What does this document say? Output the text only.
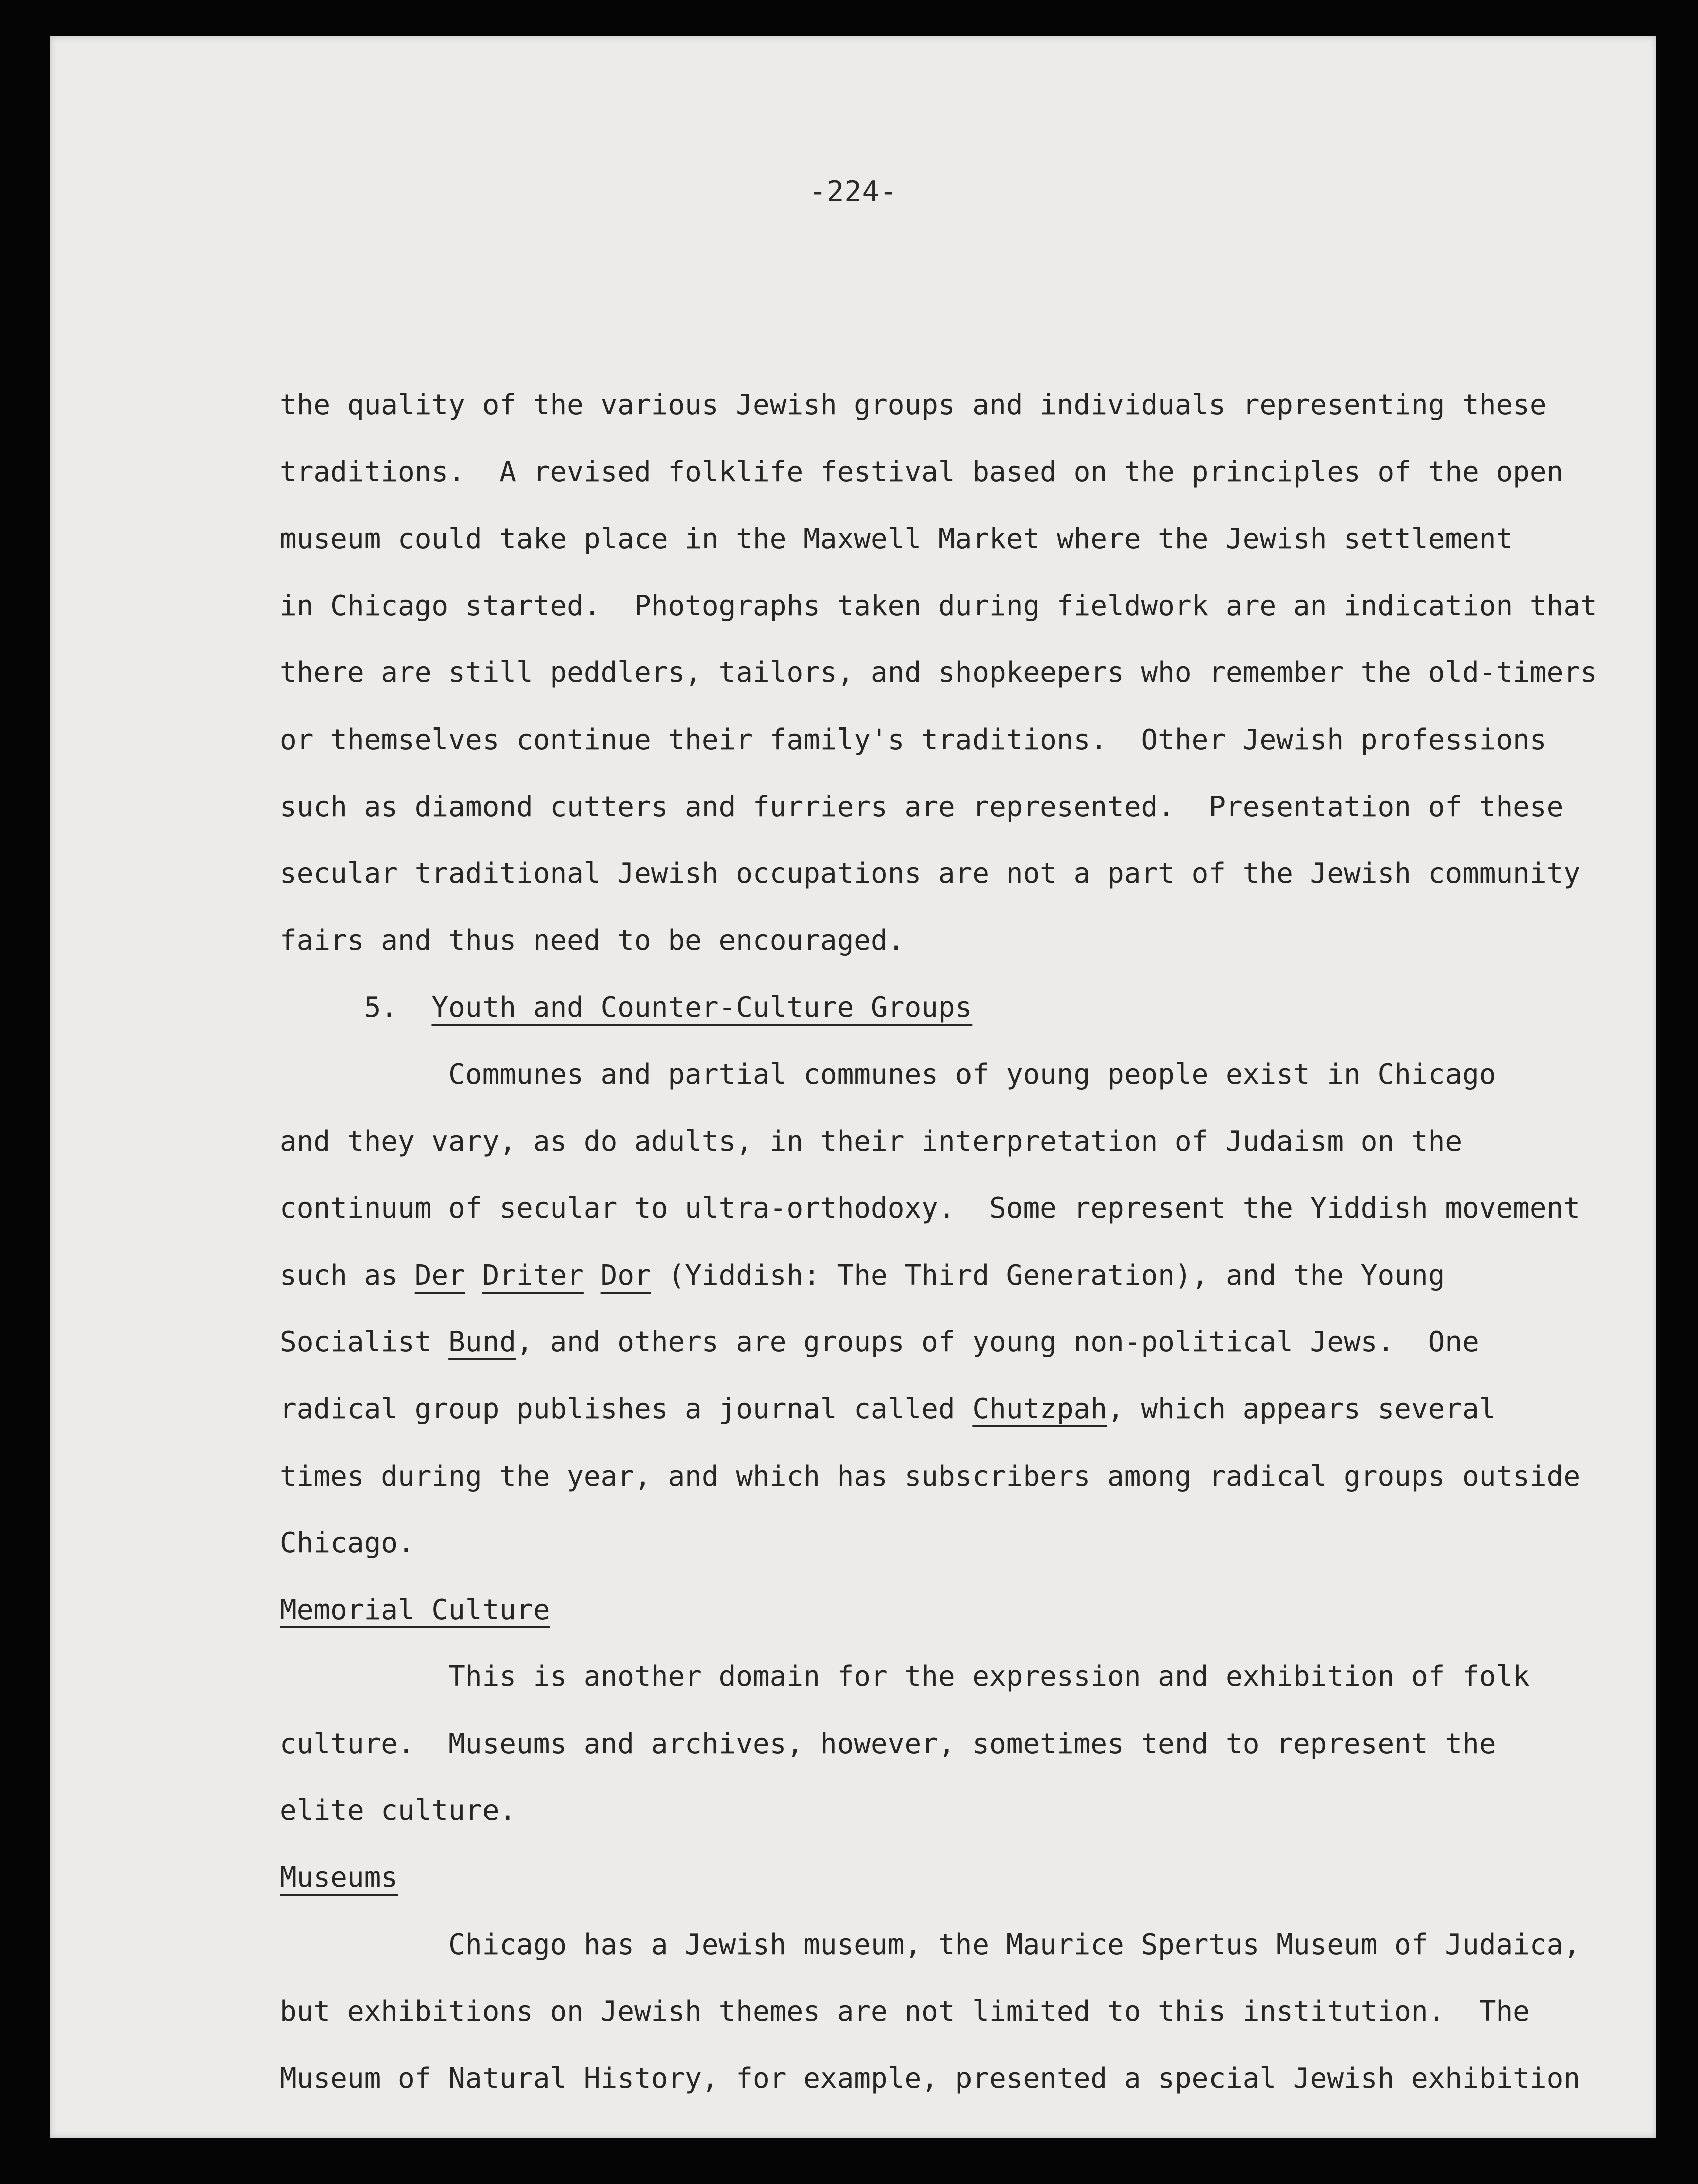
-224-
the quality of the various Jewish groups and individuals representing these
traditions.  A revised folklife festival based on the principles of the open
museum could take place in the Maxwell Market where the Jewish settlement
in Chicago started.  Photographs taken during fieldwork are an indication that
there are still peddlers, tailors, and shopkeepers who remember the old-timers
or themselves continue their family's traditions.  Other Jewish professions
such as diamond cutters and furriers are represented.  Presentation of these
secular traditional Jewish occupations are not a part of the Jewish community
fairs and thus need to be encouraged.
5.  Youth and Counter-Culture Groups
Communes and partial communes of young people exist in Chicago
and they vary, as do adults, in their interpretation of Judaism on the
continuum of secular to ultra-orthodoxy.  Some represent the Yiddish movement
such as Der Driter Dor (Yiddish: The Third Generation), and the Young
Socialist Bund, and others are groups of young non-political Jews.  One
radical group publishes a journal called Chutzpah, which appears several
times during the year, and which has subscribers among radical groups outside
Chicago.
Memorial Culture
This is another domain for the expression and exhibition of folk
culture.  Museums and archives, however, sometimes tend to represent the
elite culture.
Museums
Chicago has a Jewish museum, the Maurice Spertus Museum of Judaica,
but exhibitions on Jewish themes are not limited to this institution.  The
Museum of Natural History, for example, presented a special Jewish exhibition
